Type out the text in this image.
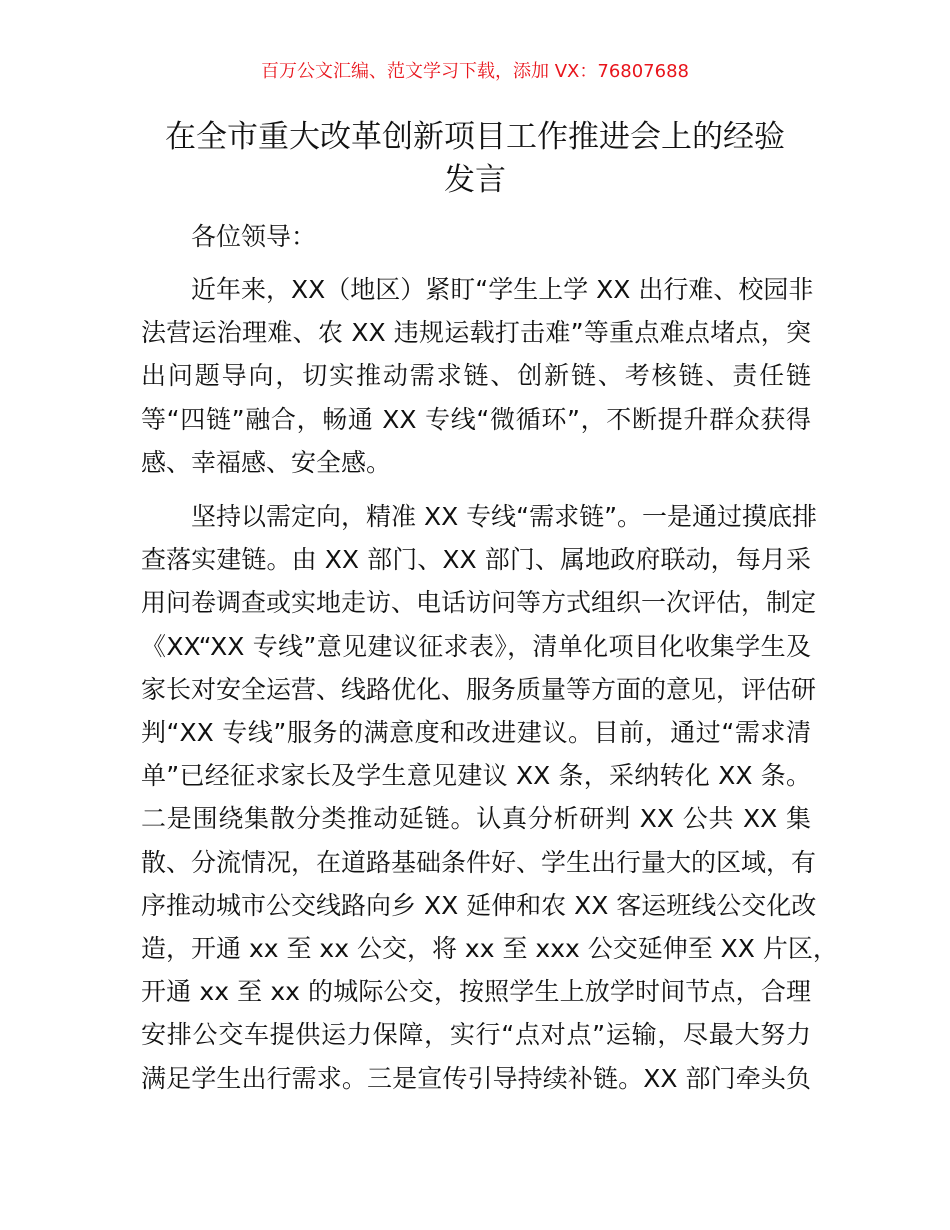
百万公文汇编、范文学习下载，添加 VX：76807688
在全市重大改革创新项目工作推进会上的经验
发言
各位领导：
近年来，XX（地区）紧盯“学生上学 XX 出行难、校园非
法营运治理难、农 XX 违规运载打击难”等重点难点堵点，突
出问题导向，切实推动需求链、创新链、考核链、责任链
等“四链”融合，畅通 XX 专线“微循环”，不断提升群众获得
感、幸福感、安全感。
坚持以需定向，精准 XX 专线“需求链”。一是通过摸底排
查落实建链。由 XX 部门、XX 部门、属地政府联动，每月采
用问卷调查或实地走访、电话访问等方式组织一次评估，制定
《XX“XX 专线”意见建议征求表》，清单化项目化收集学生及
家长对安全运营、线路优化、服务质量等方面的意见，评估研
判“XX 专线”服务的满意度和改进建议。目前，通过“需求清
单”已经征求家长及学生意见建议 XX 条，采纳转化 XX 条。
二是围绕集散分类推动延链。认真分析研判 XX 公共 XX 集
散、分流情况，在道路基础条件好、学生出行量大的区域，有
序推动城市公交线路向乡 XX 延伸和农 XX 客运班线公交化改
造，开通 xx 至 xx 公交，将 xx 至 xxx 公交延伸至 XX 片区，
开通 xx 至 xx 的城际公交，按照学生上放学时间节点，合理
安排公交车提供运力保障，实行“点对点”运输，尽最大努力
满足学生出行需求。三是宣传引导持续补链。XX 部门牵头负
